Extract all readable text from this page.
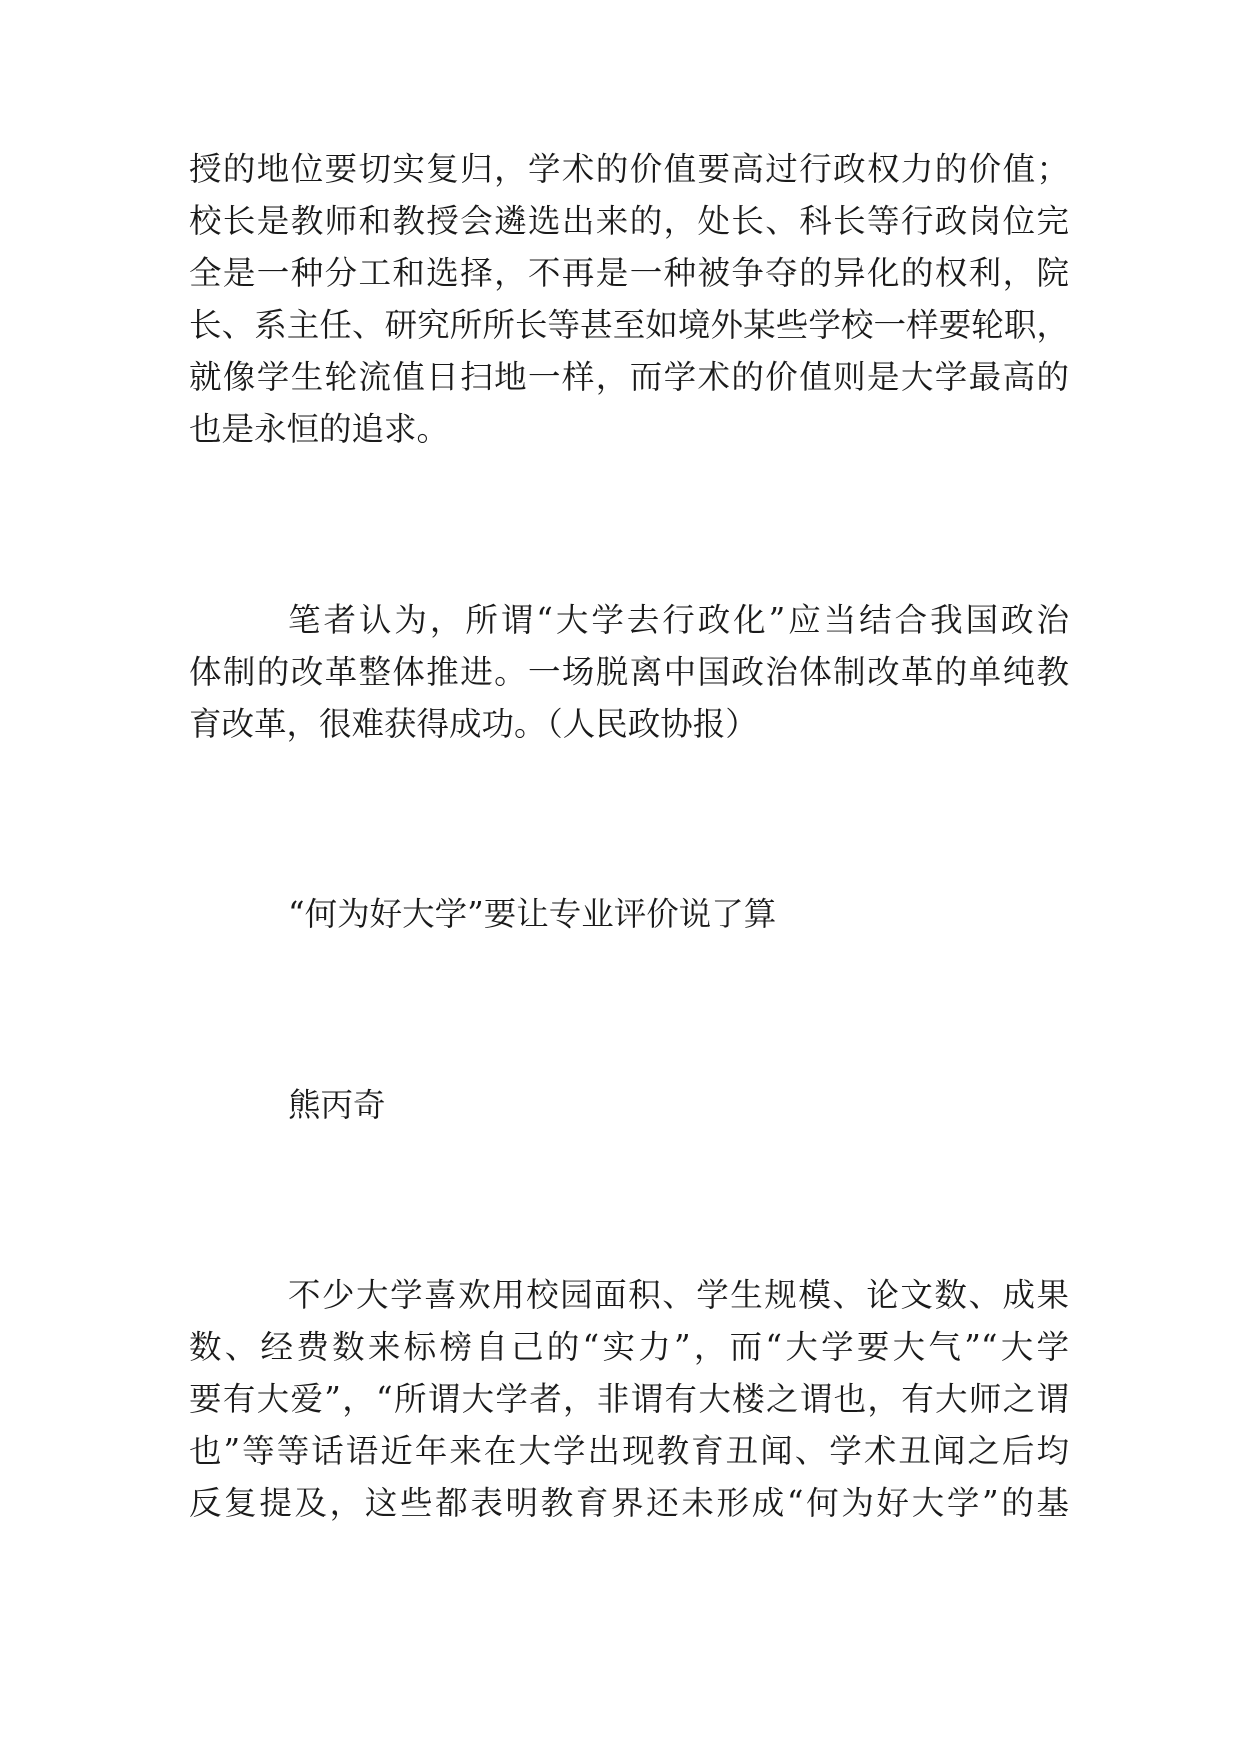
授的地位要切实复归，学术的价值要高过行政权力的价值；
校长是教师和教授会遴选出来的，处长、科长等行政岗位完
全是一种分工和选择，不再是一种被争夺的异化的权利，院
长、系主任、研究所所长等甚至如境外某些学校一样要轮职，
就像学生轮流值日扫地一样，而学术的价值则是大学最高的
也是永恒的追求。
笔者认为，所谓“大学去行政化”应当结合我国政治
体制的改革整体推进。一场脱离中国政治体制改革的单纯教
育改革，很难获得成功。（人民政协报）
“何为好大学”要让专业评价说了算
熊丙奇
不少大学喜欢用校园面积、学生规模、论文数、成果
数、经费数来标榜自己的“实力”，而“大学要大气”“大学
要有大爱”，“所谓大学者，非谓有大楼之谓也，有大师之谓
也”等等话语近年来在大学出现教育丑闻、学术丑闻之后均
反复提及，这些都表明教育界还未形成“何为好大学”的基
